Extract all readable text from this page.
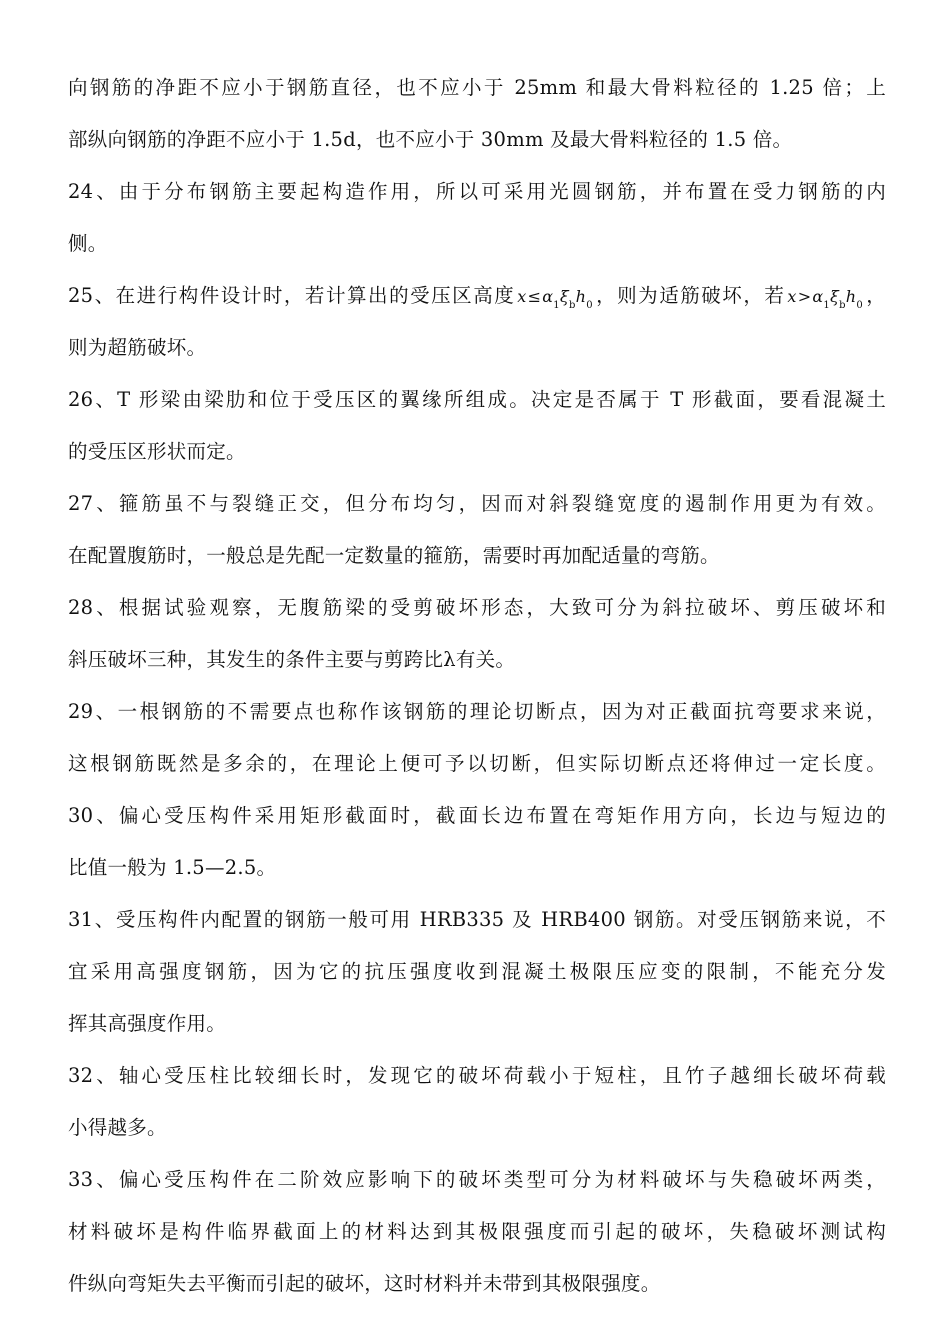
向钢筋的净距不应小于钢筋直径，也不应小于 25mm 和最大骨料粒径的 1.25 倍；上
部纵向钢筋的净距不应小于 1.5d，也不应小于 30mm 及最大骨料粒径的 1.5 倍。
24、由于分布钢筋主要起构造作用，所以可采用光圆钢筋，并布置在受力钢筋的内
侧。
25、在进行构件设计时，若计算出的受压区高度 $x\le\alpha_1\xi_bh_0$ ，则为适筋破坏，若 $x>\alpha_1\xi_bh_0$ ，
则为超筋破坏。
26、T 形梁由梁肋和位于受压区的翼缘所组成。决定是否属于 T 形截面，要看混凝土
的受压区形状而定。
27、箍筋虽不与裂缝正交，但分布均匀，因而对斜裂缝宽度的遏制作用更为有效。
在配置腹筋时，一般总是先配一定数量的箍筋，需要时再加配适量的弯筋。
28、根据试验观察，无腹筋梁的受剪破坏形态，大致可分为斜拉破坏、剪压破坏和
斜压破坏三种，其发生的条件主要与剪跨比λ有关。
29、一根钢筋的不需要点也称作该钢筋的理论切断点，因为对正截面抗弯要求来说，
这根钢筋既然是多余的，在理论上便可予以切断，但实际切断点还将伸过一定长度。
30、偏心受压构件采用矩形截面时，截面长边布置在弯矩作用方向，长边与短边的
比值一般为 1.5—2.5。
31、受压构件内配置的钢筋一般可用 HRB335 及 HRB400 钢筋。对受压钢筋来说，不
宜采用高强度钢筋，因为它的抗压强度收到混凝土极限压应变的限制，不能充分发
挥其高强度作用。
32、轴心受压柱比较细长时，发现它的破坏荷载小于短柱，且竹子越细长破坏荷载
小得越多。
33、偏心受压构件在二阶效应影响下的破坏类型可分为材料破坏与失稳破坏两类，
材料破坏是构件临界截面上的材料达到其极限强度而引起的破坏，失稳破坏测试构
件纵向弯矩失去平衡而引起的破坏，这时材料并未带到其极限强度。
